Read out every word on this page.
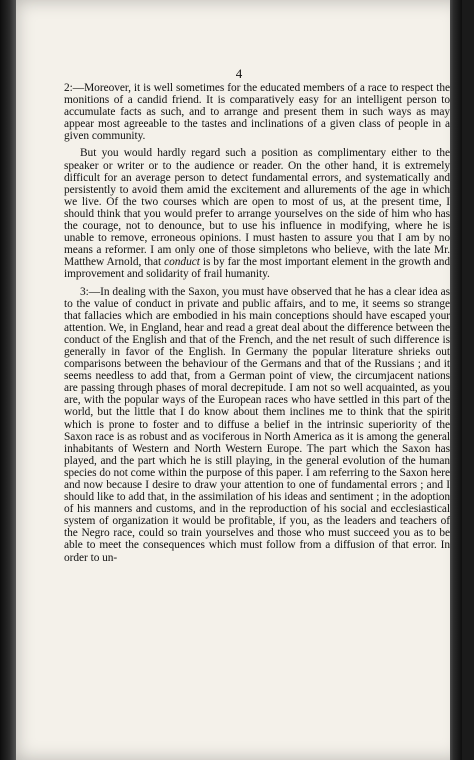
4

2:—Moreover, it is well sometimes for the educated members of a race to respect the monitions of a candid friend. It is comparatively easy for an intelligent person to accumulate facts as such, and to arrange and present them in such ways as may appear most agreeable to the tastes and inclinations of a given class of people in a given community.

But you would hardly regard such a position as complimentary either to the speaker or writer or to the audience or reader. On the other hand, it is extremely difficult for an average person to detect fundamental errors, and systematically and persistently to avoid them amid the excitement and allurements of the age in which we live. Of the two courses which are open to most of us, at the present time, I should think that you would prefer to arrange yourselves on the side of him who has the courage, not to denounce, but to use his influence in modifying, where he is unable to remove, erroneous opinions. I must hasten to assure you that I am by no means a reformer. I am only one of those simpletons who believe, with the late Mr. Matthew Arnold, that conduct is by far the most important element in the growth and improvement and solidarity of frail humanity.

3:—In dealing with the Saxon, you must have observed that he has a clear idea as to the value of conduct in private and public affairs, and to me, it seems so strange that fallacies which are embodied in his main conceptions should have escaped your attention. We, in England, hear and read a great deal about the difference between the conduct of the English and that of the French, and the net result of such difference is generally in favor of the English. In Germany the popular literature shrieks out comparisons between the behaviour of the Germans and that of the Russians ; and it seems needless to add that, from a German point of view, the circumjacent nations are passing through phases of moral decrepitude. I am not so well acquainted, as you are, with the popular ways of the European races who have settled in this part of the world, but the little that I do know about them inclines me to think that the spirit which is prone to foster and to diffuse a belief in the intrinsic superiority of the Saxon race is as robust and as vociferous in North America as it is among the general inhabitants of Western and North Western Europe. The part which the Saxon has played, and the part which he is still playing, in the general evolution of the human species do not come within the purpose of this paper. I am referring to the Saxon here and now because I desire to draw your attention to one of fundamental errors ; and I should like to add that, in the assimilation of his ideas and sentiment ; in the adoption of his manners and customs, and in the reproduction of his social and ecclesiastical system of organization it would be profitable, if you, as the leaders and teachers of the Negro race, could so train yourselves and those who must succeed you as to be able to meet the consequences which must follow from a diffusion of that error. In order to un-
